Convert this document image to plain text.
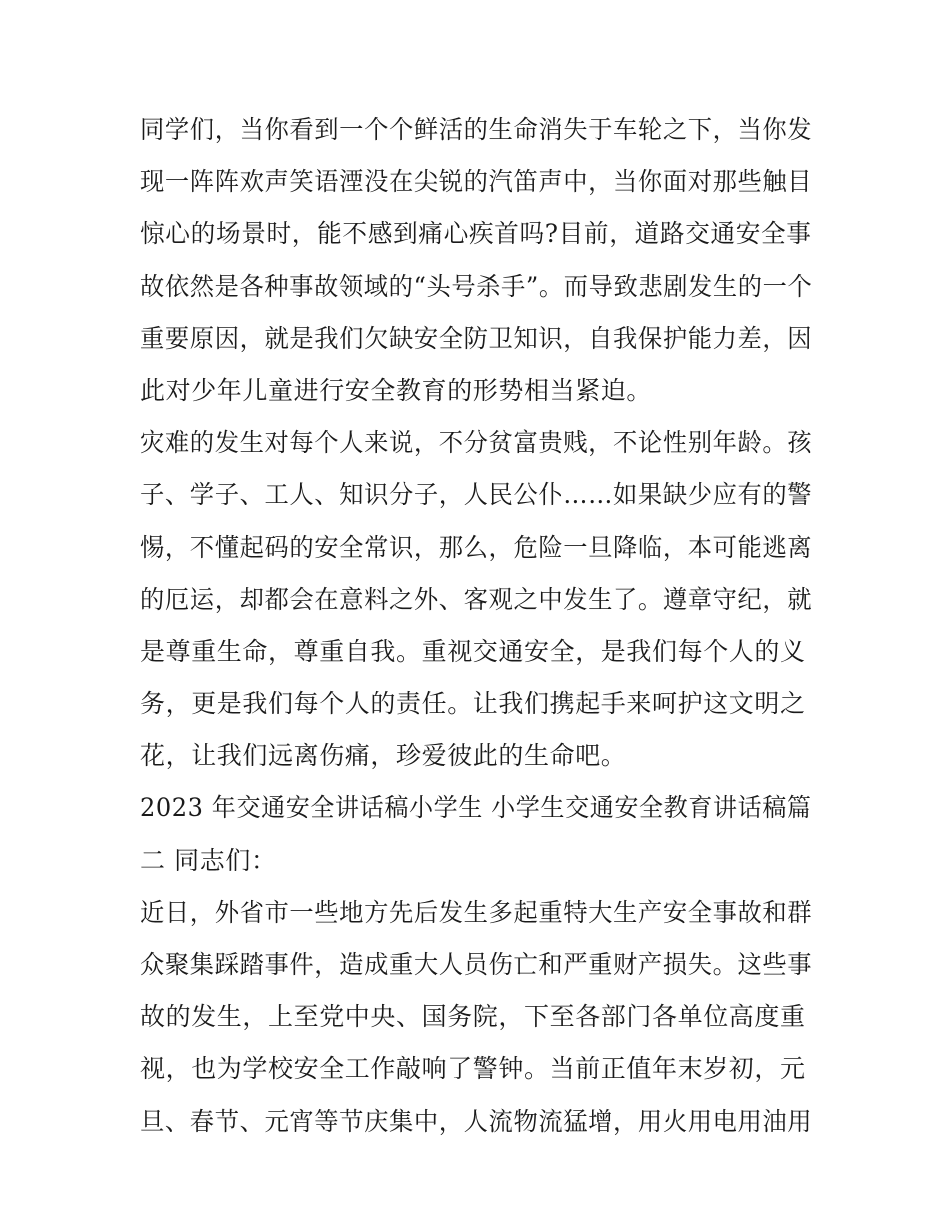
同学们，当你看到一个个鲜活的生命消失于车轮之下，当你发
现一阵阵欢声笑语湮没在尖锐的汽笛声中，当你面对那些触目
惊心的场景时，能不感到痛心疾首吗?目前，道路交通安全事
故依然是各种事故领域的“头号杀手”。而导致悲剧发生的一个
重要原因，就是我们欠缺安全防卫知识，自我保护能力差，因
此对少年儿童进行安全教育的形势相当紧迫。
灾难的发生对每个人来说，不分贫富贵贱，不论性别年龄。孩
子、学子、工人、知识分子，人民公仆……如果缺少应有的警
惕，不懂起码的安全常识，那么，危险一旦降临，本可能逃离
的厄运，却都会在意料之外、客观之中发生了。遵章守纪，就
是尊重生命，尊重自我。重视交通安全，是我们每个人的义
务，更是我们每个人的责任。让我们携起手来呵护这文明之
花，让我们远离伤痛，珍爱彼此的生命吧。
2023 年交通安全讲话稿小学生 小学生交通安全教育讲话稿篇
二 同志们：
近日，外省市一些地方先后发生多起重特大生产安全事故和群
众聚集踩踏事件，造成重大人员伤亡和严重财产损失。这些事
故的发生，上至党中央、国务院，下至各部门各单位高度重
视，也为学校安全工作敲响了警钟。当前正值年末岁初，元
旦、春节、元宵等节庆集中，人流物流猛增，用火用电用油用
